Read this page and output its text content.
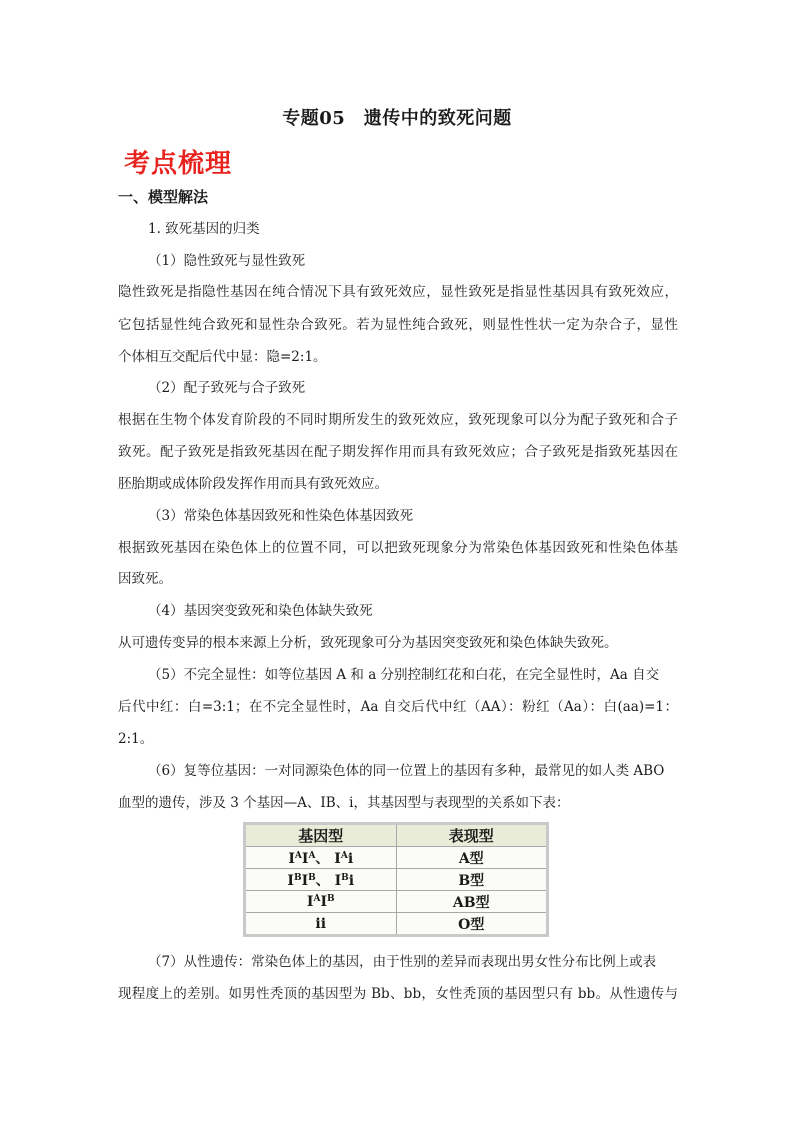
专题05　遗传中的致死问题
考点梳理
一、模型解法
1. 致死基因的归类
（1）隐性致死与显性致死
隐性致死是指隐性基因在纯合情况下具有致死效应，显性致死是指显性基因具有致死效应，
它包括显性纯合致死和显性杂合致死。若为显性纯合致死，则显性性状一定为杂合子，显性
个体相互交配后代中显：隐=2:1。
（2）配子致死与合子致死
根据在生物个体发育阶段的不同时期所发生的致死效应，致死现象可以分为配子致死和合子
致死。配子致死是指致死基因在配子期发挥作用而具有致死效应；合子致死是指致死基因在
胚胎期或成体阶段发挥作用而具有致死效应。
（3）常染色体基因致死和性染色体基因致死
根据致死基因在染色体上的位置不同，可以把致死现象分为常染色体基因致死和性染色体基
因致死。
（4）基因突变致死和染色体缺失致死
从可遗传变异的根本来源上分析，致死现象可分为基因突变致死和染色体缺失致死。
（5）不完全显性：如等位基因 A 和 a 分别控制红花和白花，在完全显性时，Aa 自交
后代中红：白=3:1；在不完全显性时，Aa 自交后代中红（AA）：粉红（Aa）：白(aa)=1：
2:1。
（6）复等位基因：一对同源染色体的同一位置上的基因有多种，最常见的如人类 ABO
血型的遗传，涉及 3 个基因—A、IB、i，其基因型与表现型的关系如下表：
基因型	表现型
$I^AI^A$、 $I^Ai$	A型
$I^BI^B$、 $I^Bi$	B型
$I^AI^B$	AB型
ii	O型
（7）从性遗传：常染色体上的基因，由于性别的差异而表现出男女性分布比例上或表
现程度上的差别。如男性秃顶的基因型为 Bb、bb，女性秃顶的基因型只有 bb。从性遗传与
